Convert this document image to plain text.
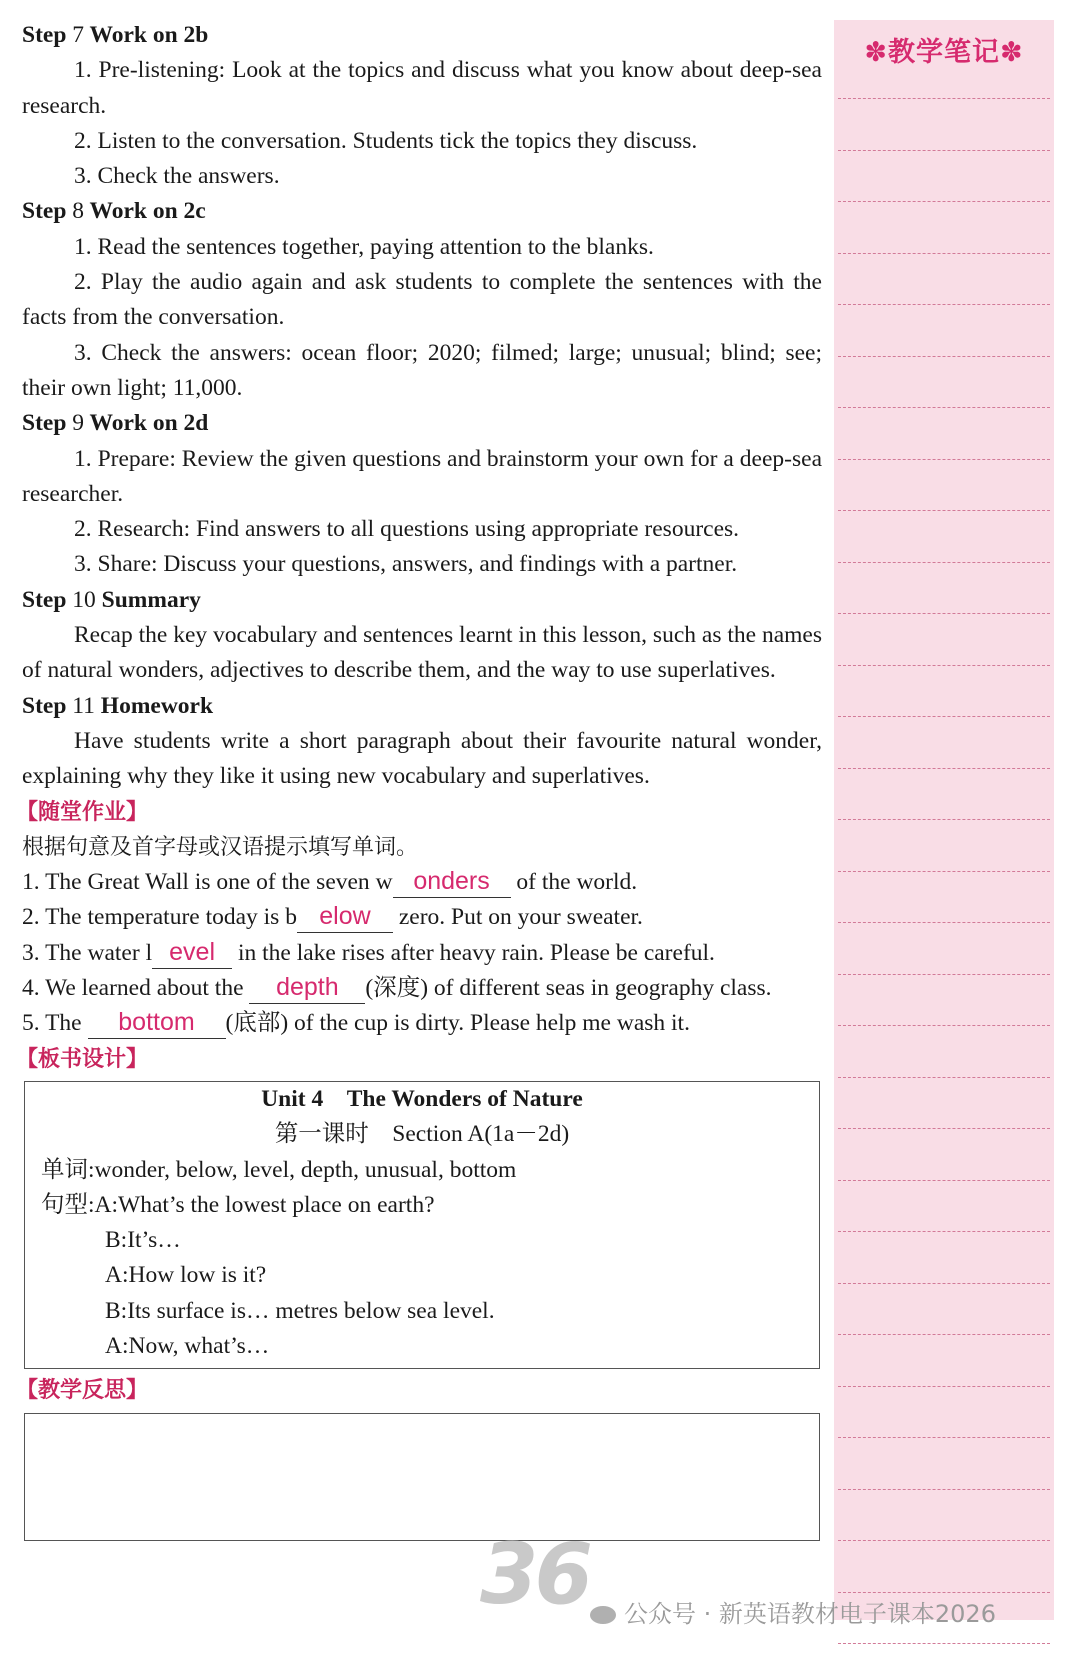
Step 7 Work on 2b

1. Pre-listening: Look at the topics and discuss what you know about deep-sea research.

2. Listen to the conversation. Students tick the topics they discuss.

3. Check the answers.

Step 8 Work on 2c

1. Read the sentences together, paying attention to the blanks.

2. Play the audio again and ask students to complete the sentences with the facts from the conversation.

3. Check the answers: ocean floor; 2020; filmed; large; unusual; blind; see; their own light; 11,000.

Step 9 Work on 2d

1. Prepare: Review the given questions and brainstorm your own for a deep-sea researcher.

2. Research: Find answers to all questions using appropriate resources.

3. Share: Discuss your questions, answers, and findings with a partner.

Step 10 Summary

Recap the key vocabulary and sentences learnt in this lesson, such as the names of natural wonders, adjectives to describe them, and the way to use superlatives.

Step 11 Homework

Have students write a short paragraph about their favourite natural wonder, explaining why they like it using new vocabulary and superlatives.

【随堂作业】

根据句意及首字母或汉语提示填写单词。

1. The Great Wall is one of the seven w onders of the world.

2. The temperature today is b elow zero. Put on your sweater.

3. The water l evel in the lake rises after heavy rain. Please be careful.

4. We learned about the depth (深度) of different seas in geography class.

5. The bottom (底部) of the cup is dirty. Please help me wash it.

【板书设计】

Unit 4　The Wonders of Nature

第一课时　Section A(1a－2d)

单词:wonder, below, level, depth, unusual, bottom

句型:A:What’s the lowest place on earth?

B:It’s…

A:How low is it?

B:Its surface is… metres below sea level.

A:Now, what’s…

【教学反思】

✽教学笔记✽
36	公众号 · 新英语教材电子课本2026
